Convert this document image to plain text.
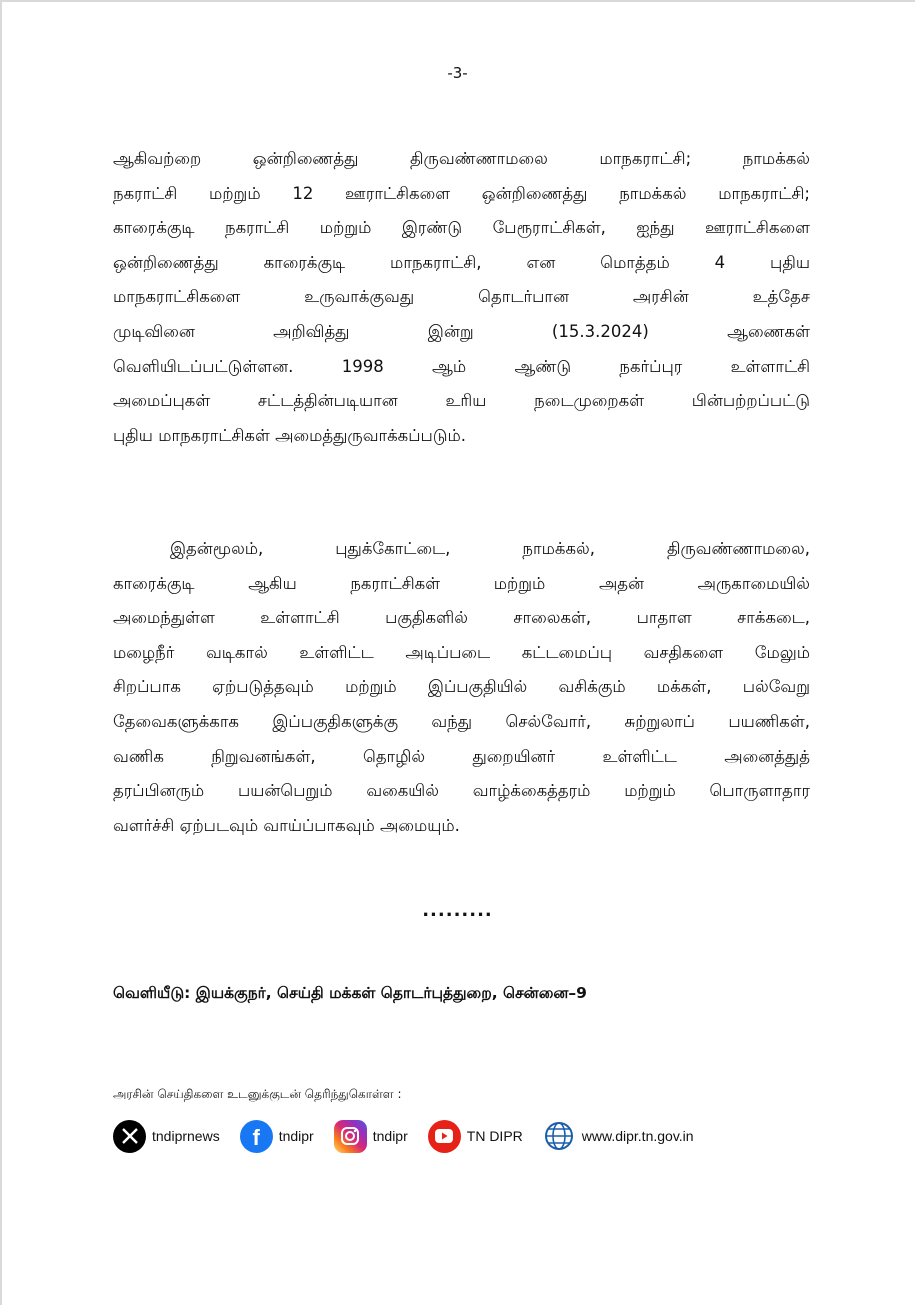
-3-
ஆகிவற்றை ஒன்றிணைத்து திருவண்ணாமலை மாநகராட்சி; நாமக்கல்
நகராட்சி மற்றும் 12 ஊராட்சிகளை ஒன்றிணைத்து நாமக்கல் மாநகராட்சி;
காரைக்குடி நகராட்சி மற்றும் இரண்டு பேரூராட்சிகள், ஐந்து ஊராட்சிகளை
ஒன்றிணைத்து காரைக்குடி மாநகராட்சி, என மொத்தம் 4 புதிய
மாநகராட்சிகளை உருவாக்குவது தொடர்பான அரசின் உத்தேச
முடிவினை அறிவித்து இன்று (15.3.2024) ஆணைகள்
வெளியிடப்பட்டுள்ளன. 1998 ஆம் ஆண்டு நகர்ப்புர உள்ளாட்சி
அமைப்புகள் சட்டத்தின்படியான உரிய நடைமுறைகள் பின்பற்றப்பட்டு
புதிய மாநகராட்சிகள் அமைத்துருவாக்கப்படும்.
இதன்மூலம், புதுக்கோட்டை, நாமக்கல், திருவண்ணாமலை,
காரைக்குடி ஆகிய நகராட்சிகள் மற்றும் அதன் அருகாமையில்
அமைந்துள்ள உள்ளாட்சி பகுதிகளில் சாலைகள், பாதாள சாக்கடை,
மழைநீர் வடிகால் உள்ளிட்ட அடிப்படை கட்டமைப்பு வசதிகளை மேலும்
சிறப்பாக ஏற்படுத்தவும் மற்றும் இப்பகுதியில் வசிக்கும் மக்கள், பல்வேறு
தேவைகளுக்காக இப்பகுதிகளுக்கு வந்து செல்வோர், சுற்றுலாப் பயணிகள்,
வணிக நிறுவனங்கள், தொழில் துறையினர் உள்ளிட்ட அனைத்துத்
தரப்பினரும் பயன்பெறும் வகையில் வாழ்க்கைத்தரம் மற்றும் பொருளாதார
வளர்ச்சி ஏற்படவும் வாய்ப்பாகவும் அமையும்.
.........
வெளியீடு: இயக்குநர், செய்தி மக்கள் தொடர்புத்துறை, சென்னை–9
அரசின் செய்திகளை உடனுக்குடன் தெரிந்துகொள்ள :
tndiprnews f tndipr	tndipr	TN DIPR	www.dipr.tn.gov.in
